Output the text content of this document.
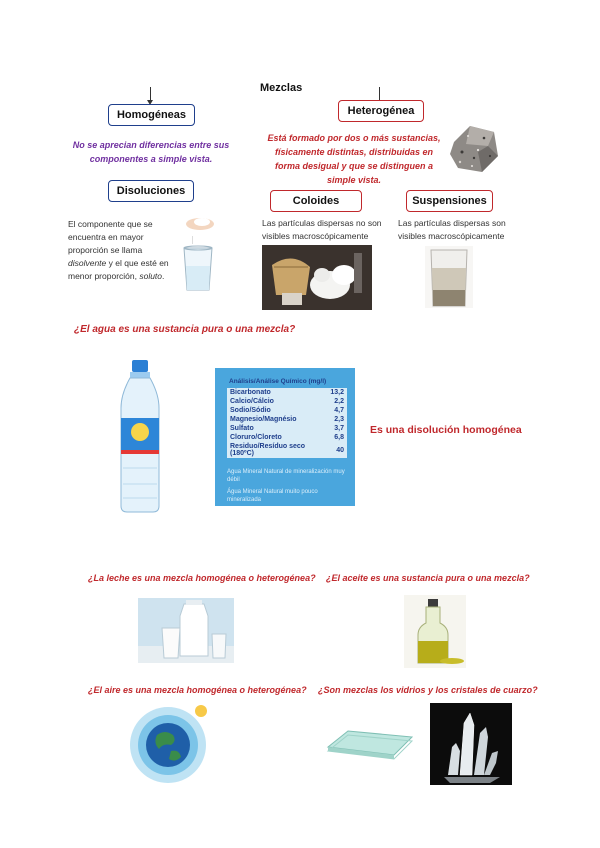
Mezclas
Homogéneas
No se aprecian diferencias entre sus componentes a simple vista.
Heterogénea
Está formado por dos o más sustancias, físicamente distintas, distribuidas en forma desigual y que se distinguen a simple vista.
Disoluciones
El componente que se encuentra en mayor proporción se llama disolvente y el que esté en menor proporción, soluto.
Coloides
Las partículas dispersas no son visibles macroscópicamente
Suspensiones
Las partículas dispersas son visibles macroscópicamente
¿El agua es una sustancia pura o una mezcla?
Análisis/Análise Químico (mg/l)
Bicarbonato	13,2
Calcio/Cálcio	2,2
Sodio/Sódio	4,7
Magnesio/Magnésio	2,3
Sulfato	3,7
Cloruro/Cloreto	6,8
Residuo/Resíduo seco (180ºC)	40
Agua Mineral Natural de mineralización muy débil
Água Mineral Natural muito pouco mineralizada
Es una disolución homogénea
¿La leche es una mezcla homogénea o heterogénea? ¿El aceite es una sustancia pura o una mezcla?
¿El aire es una mezcla homogénea o heterogénea? ¿Son mezclas los vidrios y los cristales de cuarzo?
